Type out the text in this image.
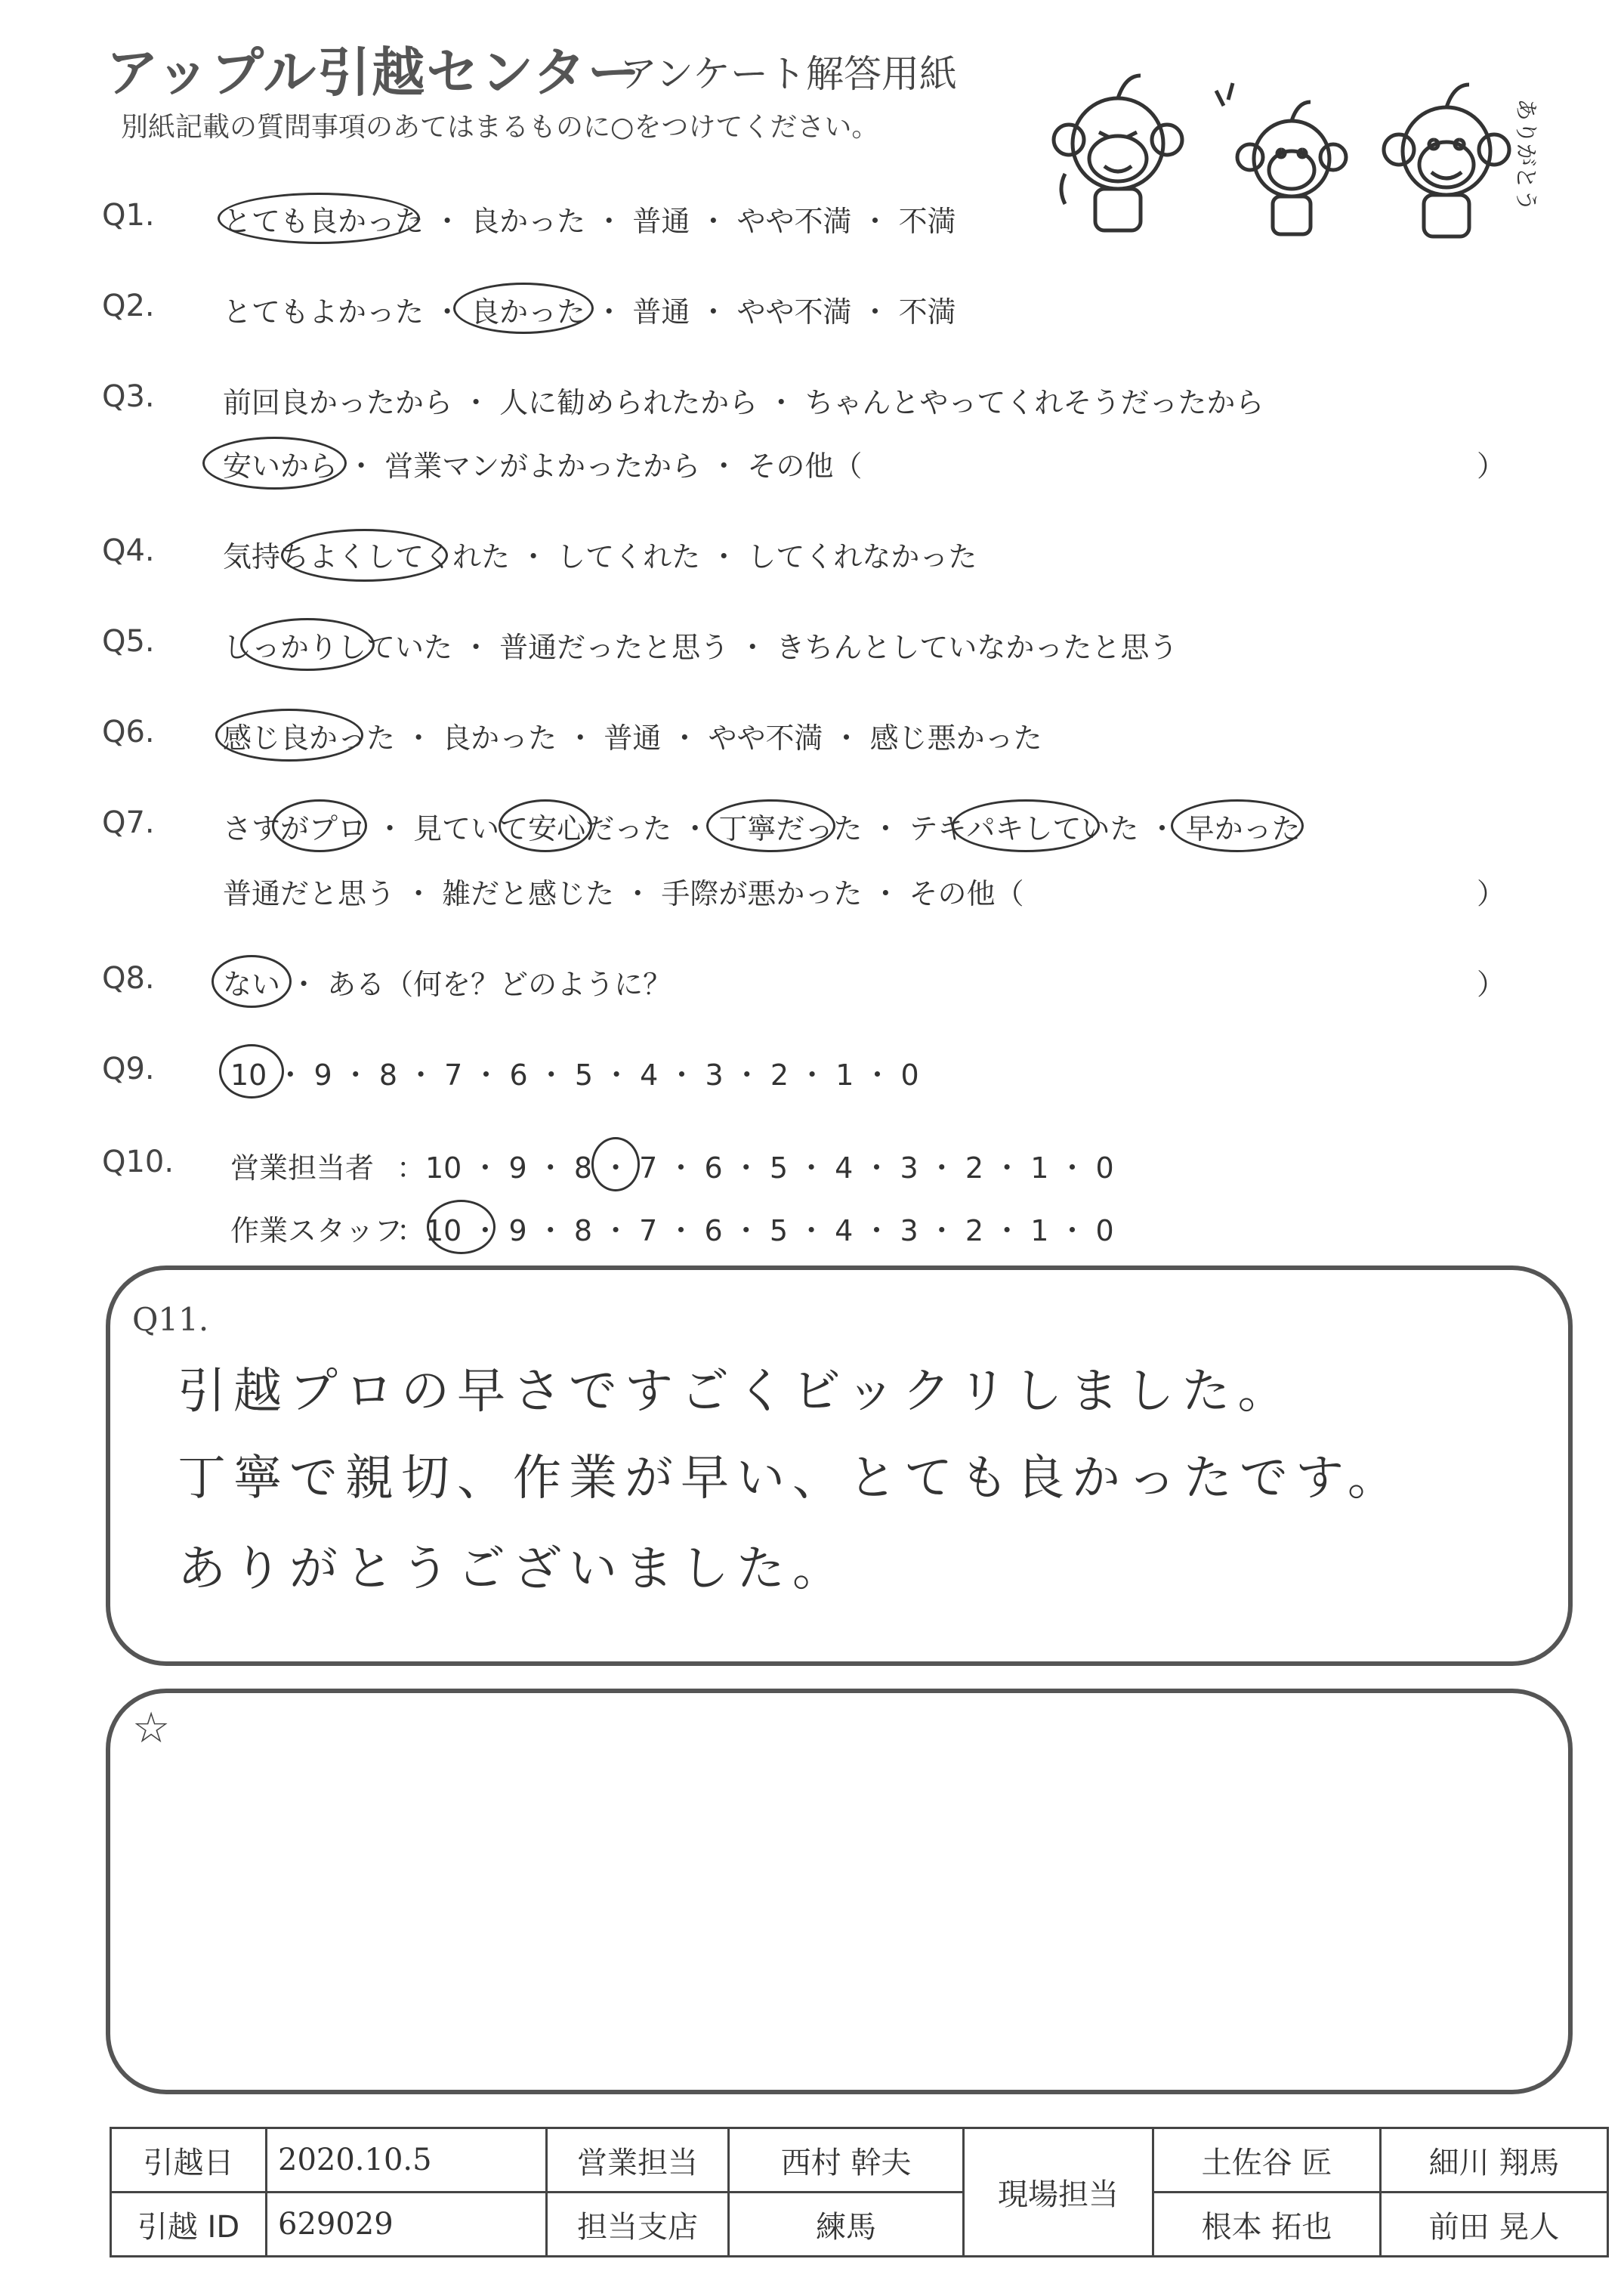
アップル引越センター
アンケート解答用紙
別紙記載の質問事項のあてはまるものに○をつけてください。	ありがとう
Q1. とても良かった ・ 良かった ・ 普通 ・ やや不満 ・ 不満
Q2. とてもよかった ・ 良かった ・ 普通 ・ やや不満 ・ 不満
Q3. 前回良かったから ・ 人に勧められたから ・ ちゃんとやってくれそうだったから
安いから ・ 営業マンがよかったから ・ その他（	）
Q4. 気持ちよくしてくれた ・ してくれた ・ してくれなかった
Q5. しっかりしていた ・ 普通だったと思う ・ きちんとしていなかったと思う
Q6. 感じ良かった ・ 良かった ・ 普通 ・ やや不満 ・ 感じ悪かった
Q7. さすがプロ ・ 見ていて安心だった ・ 丁寧だった ・ テキパキしていた ・ 早かった
普通だと思う ・ 雑だと感じた ・ 手際が悪かった ・ その他（	）
Q8. ない ・ ある（何を？どのように？	）
Q9.	10 ・ 9 ・ 8 ・ 7 ・ 6 ・ 5 ・ 4 ・ 3 ・ 2 ・ 1 ・ 0
Q10. 営業担当者 ：10 ・ 9 ・ 8 ・ 7 ・ 6 ・ 5 ・ 4 ・ 3 ・ 2 ・ 1 ・ 0
作業スタッフ
：10 ・ 9 ・ 8 ・ 7 ・ 6 ・ 5 ・ 4 ・ 3 ・ 2 ・ 1 ・ 0
Q11.
引越プロの早さですごくビックリしました。
丁寧で親切、作業が早い、とても良かったです。
ありがとうございました。
☆
引越日	2020.10.5	営業担当	西村 幹夫	現場担当	土佐谷 匠	細川 翔馬
引越 ID	629029	担当支店	練馬		根本 拓也	前田 晃人
